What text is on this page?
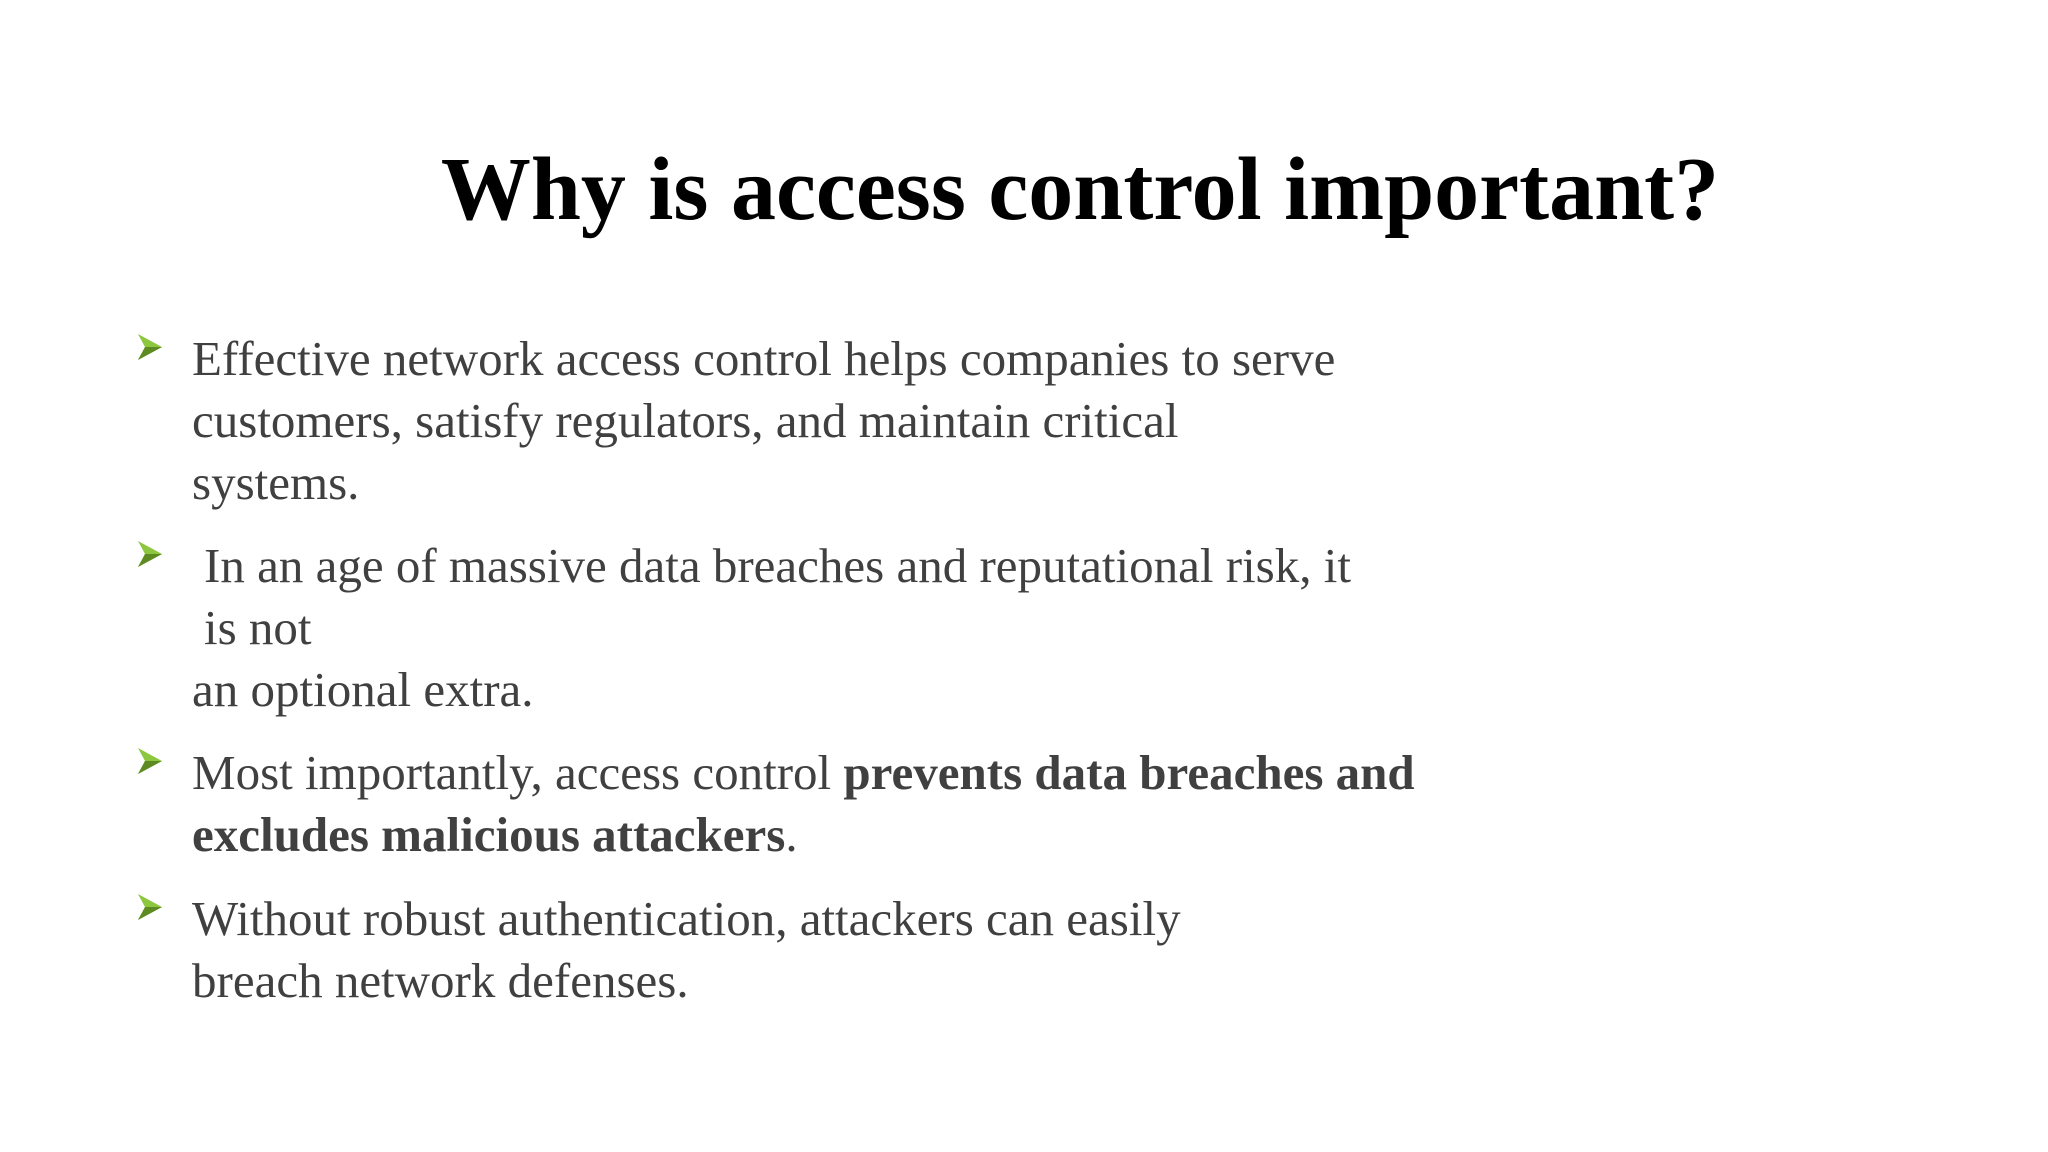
Why is access control important?
Effective network access control helps companies to serve
customers, satisfy regulators, and maintain critical
systems.
In an age of massive data breaches and reputational risk, it
is not
an optional extra.
Most importantly, access control prevents data breaches and
excludes malicious attackers.
Without robust authentication, attackers can easily
breach network defenses.
